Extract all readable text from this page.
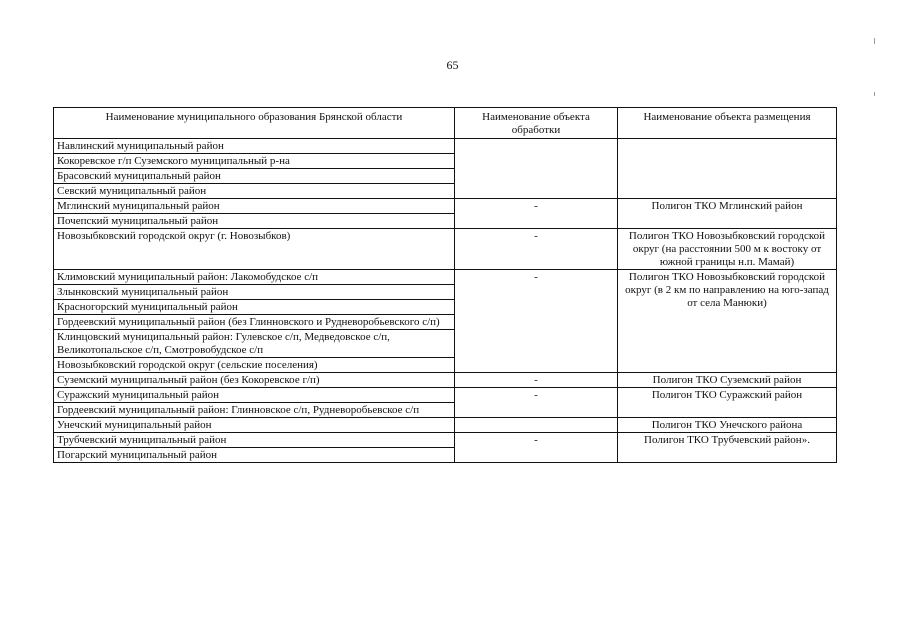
65
Наименование муниципального образования Брянской области	Наименование объекта обработки	Наименование объекта размещения
Навлинский муниципальный район		
Кокоревское г/п Суземского муниципальный р-на		
Брасовский муниципальный район		
Севский муниципальный район		
Мглинский муниципальный район	-	Полигон ТКО Мглинский район
Почепский муниципальный район		
Новозыбковский городской округ (г. Новозыбков)	-	Полигон ТКО Новозыбковский городской округ (на расстоянии 500 м к востоку от южной границы н.п. Мамай)
Климовский муниципальный район: Лакомобудское с/п	-	Полигон ТКО Новозыбковский городской округ (в 2 км по направлению на юго-запад от села Манюки)
Злынковский муниципальный район		
Красногорский муниципальный район		
Гордеевский муниципальный район (без Глинновского и Рудневоробьевского с/п)		
Клинцовский муниципальный район: Гулевское с/п, Медведовское с/п, Великотопальское с/п, Смотровобудское с/п		
Новозыбковский городской округ (сельские поселения)		
Суземский муниципальный район (без Кокоревское г/п)	-	Полигон ТКО Суземский район
Суражский муниципальный район	-	Полигон ТКО Суражский район
Гордеевский муниципальный район: Глинновское с/п, Рудневоробьевское с/п		
Унечский муниципальный район		Полигон ТКО Унечского района
Трубчевский муниципальный район	-	Полигон ТКО Трубчевский район».
Погарский муниципальный район		
